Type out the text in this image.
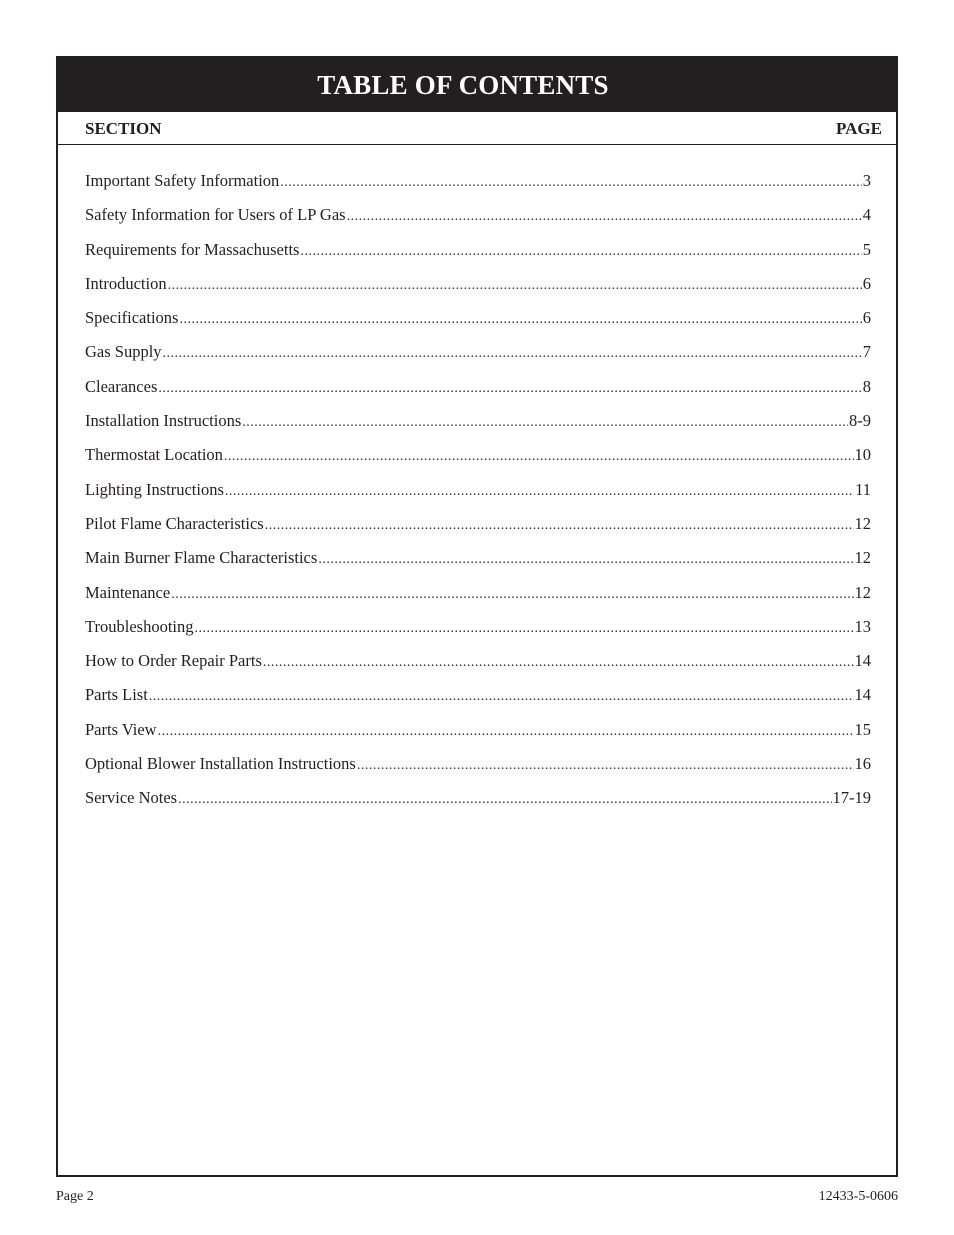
TABLE OF CONTENTS
SECTION	PAGE
Important Safety Information .....	3
Safety Information for Users of LP Gas .....	4
Requirements for Massachusetts .....	5
Introduction .....	6
Specifications .....	6
Gas Supply .....	7
Clearances .....	8
Installation Instructions .....	8-9
Thermostat Location .....	10
Lighting Instructions .....	11
Pilot Flame Characteristics .....	12
Main Burner Flame Characteristics .....	12
Maintenance .....	12
Troubleshooting .....	13
How to Order Repair Parts .....	14
Parts List .....	14
Parts View .....	15
Optional Blower Installation Instructions .....	16
Service Notes .....	17-19
Page 2	12433-5-0606
